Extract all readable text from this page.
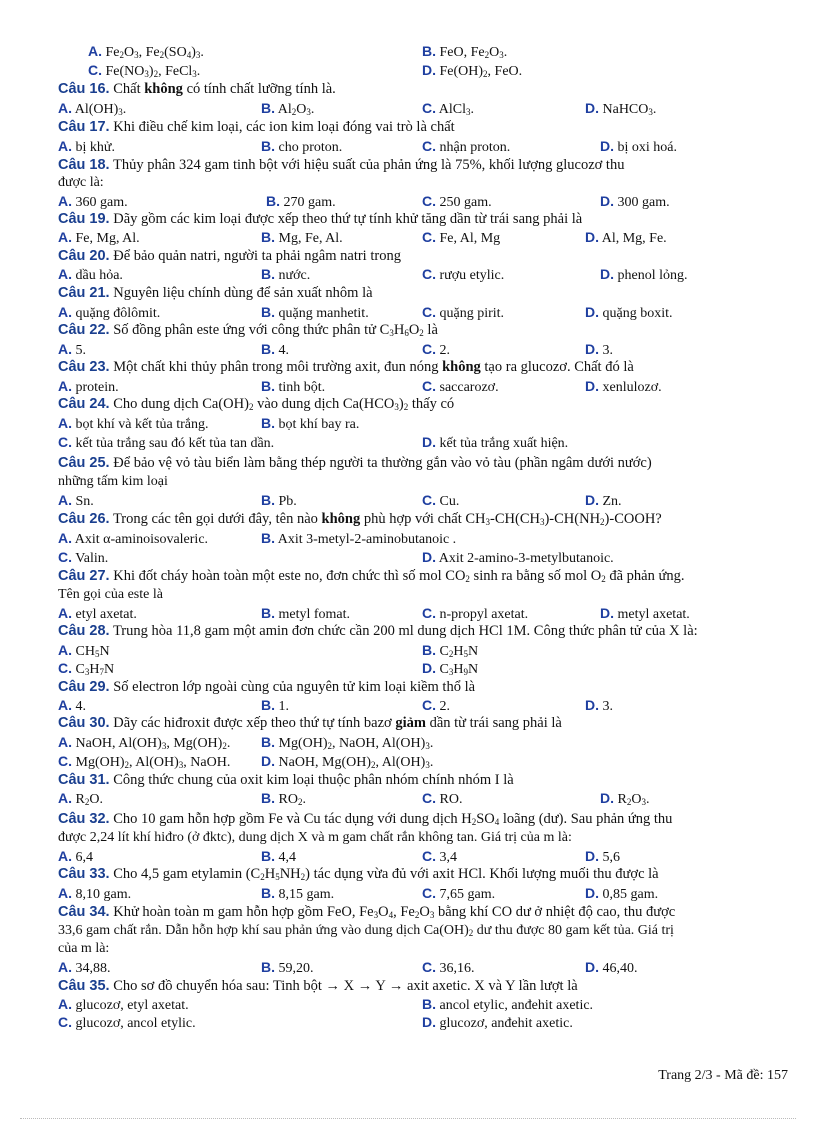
A. $Fe_2O_3$, $Fe_2(SO_4)_3$.	B. FeO, $Fe_2O_3$.
C. $Fe(NO_3)_2$, FeCl$_3$.	D. $Fe(OH)_2$, FeO.
Câu 16. Chất không có tính chất lưỡng tính là.
A. $Al(OH)_3$.	B. $Al_2O_3$.	C. AlCl$_3$.	D. NaHCO$_3$.
Câu 17. Khi điều chế kim loại, các ion kim loại đóng vai trò là chất
A. bị khử.	B. cho proton.	C. nhận proton.	D. bị oxi hoá.
Câu 18. Thủy phân 324 gam tinh bột với hiệu suất của phản ứng là 75%, khối lượng glucozơ thu
được là:
A. 360 gam.	B. 270 gam.	C. 250 gam.	D. 300 gam.
Câu 19. Dãy gồm các kim loại được xếp theo thứ tự tính khử tăng dần từ trái sang phải là
A. Fe, Mg, Al.	B. Mg, Fe, Al.	C. Fe, Al, Mg	D. Al, Mg, Fe.
Câu 20. Để bảo quản natri, người ta phải ngâm natri trong
A. dầu hỏa.	B. nước.	C. rượu etylic.	D. phenol lỏng.
Câu 21. Nguyên liệu chính dùng để sản xuất nhôm là
A. quặng đôlômit.	B. quặng manhetit.	C. quặng pirit.	D. quặng boxit.
Câu 22. Số đồng phân este ứng với công thức phân tử $C_3H_6O_2$ là
A. 5.	B. 4.	C. 2.	D. 3.
Câu 23. Một chất khi thủy phân trong môi trường axit, đun nóng không tạo ra glucozơ. Chất đó là
A. protein.	B. tinh bột.	C. saccarozơ.	D. xenlulozơ.
Câu 24. Cho dung dịch $Ca(OH)_2$ vào dung dịch $Ca(HCO_3)_2$ thấy có
A. bọt khí và kết tủa trắng.	B. bọt khí bay ra.
C. kết tủa trắng sau đó kết tủa tan dần.	D. kết tủa trắng xuất hiện.
Câu 25. Để bảo vệ vỏ tàu biển làm bằng thép người ta thường gắn vào vỏ tàu (phần ngâm dưới nước)
những tấm kim loại
A. Sn.	B. Pb.	C. Cu.	D. Zn.
Câu 26. Trong các tên gọi dưới đây, tên nào không phù hợp với chất $CH_3-CH(CH_3)-CH(NH_2)$-COOH?
A. Axit α-aminoisovaleric.	B. Axit 3-metyl-2-aminobutanoic .
C. Valin.	D. Axit 2-amino-3-metylbutanoic.
Câu 27. Khi đốt cháy hoàn toàn một este no, đơn chức thì số mol $CO_2$ sinh ra bằng số mol $O_2$ đã phản ứng.
Tên gọi của este là
A. etyl axetat.	B. metyl fomat.	C. n-propyl axetat.	D. metyl axetat.
Câu 28. Trung hòa 11,8 gam một amin đơn chức cần 200 ml dung dịch HCl 1M. Công thức phân tử của X là:
A. $CH_5N$	B. $C_2H_5N$
C. $C_3H_7N$	D. $C_3H_9N$
Câu 29. Số electron lớp ngoài cùng của nguyên tử kim loại kiềm thổ là
A. 4.	B. 1.	C. 2.	D. 3.
Câu 30. Dãy các hiđroxit được xếp theo thứ tự tính bazơ giảm dần từ trái sang phải là
A. NaOH, $Al(OH)_3$, $Mg(OH)_2$. B. $Mg(OH)_2$, NaOH, $Al(OH)_3$.
C. $Mg(OH)_2$, $Al(OH)_3$, NaOH. D. NaOH, $Mg(OH)_2$, $Al(OH)_3$.
Câu 31. Công thức chung của oxit kim loại thuộc phân nhóm chính nhóm I là
A. $R_2O$.	B. $RO_2$.	C. RO.	D. $R_2O_3$.
Câu 32. Cho 10 gam hỗn hợp gồm Fe và Cu tác dụng với dung dịch $H_2SO_4$ loãng (dư). Sau phản ứng thu
được 2,24 lít khí hiđro (ở đktc), dung dịch X và m gam chất rắn không tan. Giá trị của m là:
A. 6,4	B. 4,4	C. 3,4	D. 5,6
Câu 33. Cho 4,5 gam etylamin $(C_2H_5NH_2)$ tác dụng vừa đủ với axit HCl. Khối lượng muối thu được là
A. 8,10 gam.	B. 8,15 gam.	C. 7,65 gam.	D. 0,85 gam.
Câu 34. Khử hoàn toàn m gam hỗn hợp gồm FeO, $Fe_3O_4$, $Fe_2O_3$ bằng khí CO dư ở nhiệt độ cao, thu được
33,6 gam chất rắn. Dẫn hỗn hợp khí sau phản ứng vào dung dịch $Ca(OH)_2$ dư thu được 80 gam kết tủa. Giá trị
của m là:
A. 34,88.	B. 59,20.	C. 36,16.	D. 46,40.
Câu 35. Cho sơ đồ chuyển hóa sau: Tinh bột → X → Y → axit axetic. X và Y lần lượt là
A. glucozơ, etyl axetat.	B. ancol etylic, anđehit axetic.
C. glucozơ, ancol etylic.	D. glucozơ, anđehit axetic.
Trang 2/3 - Mã đề: 157
